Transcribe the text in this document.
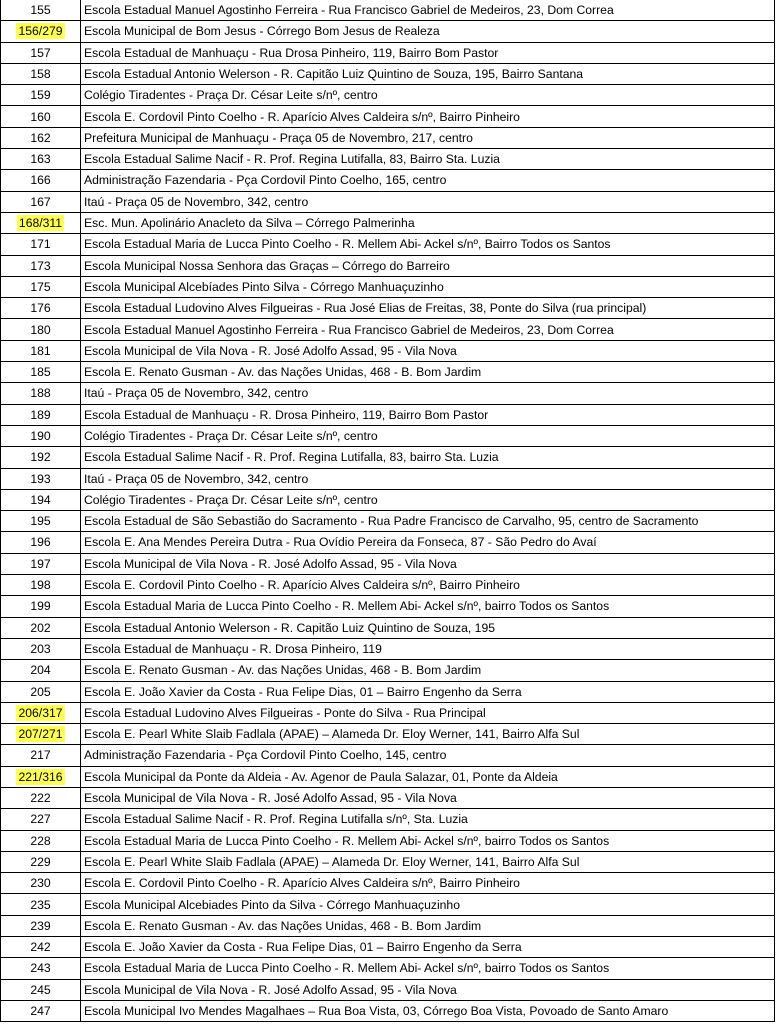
155	Escola Estadual Manuel Agostinho Ferreira - Rua Francisco Gabriel de Medeiros, 23, Dom Correa
156/279	Escola Municipal de Bom Jesus - Córrego Bom Jesus de Realeza
157	Escola Estadual de Manhuaçu - Rua Drosa Pinheiro, 119, Bairro Bom Pastor
158	Escola Estadual Antonio Welerson - R. Capitão Luiz Quintino de Souza, 195, Bairro Santana
159	Colégio Tiradentes - Praça Dr. César Leite s/nº, centro
160	Escola E. Cordovil Pinto Coelho - R. Aparício Alves Caldeira s/nº, Bairro Pinheiro
162	Prefeitura Municipal de Manhuaçu - Praça 05 de Novembro, 217, centro
163	Escola Estadual Salime Nacif - R. Prof. Regina Lutifalla, 83, Bairro Sta. Luzia
166	Administração Fazendaria - Pça Cordovil Pinto Coelho, 165, centro
167	Itaú - Praça 05 de Novembro, 342, centro
168/311	Esc. Mun. Apolinário Anacleto da Silva – Córrego Palmerinha
171	Escola Estadual Maria de Lucca Pinto Coelho - R. Mellem Abi- Ackel s/nº, Bairro Todos os Santos
173	Escola Municipal Nossa Senhora das Graças – Córrego do Barreiro
175	Escola Municipal Alcebíades Pinto Silva - Córrego Manhuaçuzinho
176	Escola Estadual Ludovino Alves Filgueiras - Rua José Elias de Freitas, 38, Ponte do Silva (rua principal)
180	Escola Estadual Manuel Agostinho Ferreira - Rua Francisco Gabriel de Medeiros, 23, Dom Correa
181	Escola Municipal de Vila Nova - R. José Adolfo Assad, 95 - Vila Nova
185	Escola E. Renato Gusman - Av. das Nações Unidas, 468 - B. Bom Jardim
188	Itaú - Praça 05 de Novembro, 342, centro
189	Escola Estadual de Manhuaçu - R. Drosa Pinheiro, 119, Bairro Bom Pastor
190	Colégio Tiradentes - Praça Dr. César Leite s/nº, centro
192	Escola Estadual Salime Nacif - R. Prof. Regina Lutifalla, 83, bairro Sta. Luzia
193	Itaú - Praça 05 de Novembro, 342, centro
194	Colégio Tiradentes - Praça Dr. César Leite s/nº, centro
195	Escola Estadual de São Sebastião do Sacramento - Rua Padre Francisco de Carvalho, 95, centro de Sacramento
196	Escola E. Ana Mendes Pereira Dutra - Rua Ovídio Pereira da Fonseca, 87 - São Pedro do Avaí
197	Escola Municipal de Vila Nova - R. José Adolfo Assad, 95 - Vila Nova
198	Escola E. Cordovil Pinto Coelho - R. Aparício Alves Caldeira s/nº, Bairro Pinheiro
199	Escola Estadual Maria de Lucca Pinto Coelho - R. Mellem Abi- Ackel s/nº, bairro Todos os Santos
202	Escola Estadual Antonio Welerson - R. Capitão Luiz Quintino de Souza, 195
203	Escola Estadual de Manhuaçu - R. Drosa Pinheiro, 119
204	Escola E. Renato Gusman - Av. das Nações Unidas, 468 - B. Bom Jardim
205	Escola E. João Xavier da Costa - Rua Felipe Dias, 01 – Bairro Engenho da Serra
206/317	Escola Estadual Ludovino Alves Filgueiras - Ponte do Silva - Rua Principal
207/271	Escola E. Pearl White Slaib Fadlala (APAE) – Alameda Dr. Eloy Werner, 141, Bairro Alfa Sul
217	Administração Fazendaria - Pça Cordovil Pinto Coelho, 145, centro
221/316	Escola Municipal da Ponte da Aldeia - Av. Agenor de Paula Salazar, 01, Ponte da Aldeia
222	Escola Municipal de Vila Nova - R. José Adolfo Assad, 95 - Vila Nova
227	Escola Estadual Salime Nacif - R. Prof. Regina Lutifalla s/nº, Sta. Luzia
228	Escola Estadual Maria de Lucca Pinto Coelho - R. Mellem Abi- Ackel s/nº, bairro Todos os Santos
229	Escola E. Pearl White Slaib Fadlala (APAE) – Alameda Dr. Eloy Werner, 141, Bairro Alfa Sul
230	Escola E. Cordovil Pinto Coelho - R. Aparício Alves Caldeira s/nº, Bairro Pinheiro
235	Escola Municipal Alcebiades Pinto da Silva - Córrego Manhuaçuzinho
239	Escola E. Renato Gusman - Av. das Nações Unidas, 468 - B. Bom Jardim
242	Escola E. João Xavier da Costa - Rua Felipe Dias, 01 – Bairro Engenho da Serra
243	Escola Estadual Maria de Lucca Pinto Coelho - R. Mellem Abi- Ackel s/nº, bairro Todos os Santos
245	Escola Municipal de Vila Nova - R. José Adolfo Assad, 95 - Vila Nova
247	Escola Municipal Ivo Mendes Magalhaes – Rua Boa Vista, 03, Córrego Boa Vista, Povoado de Santo Amaro
